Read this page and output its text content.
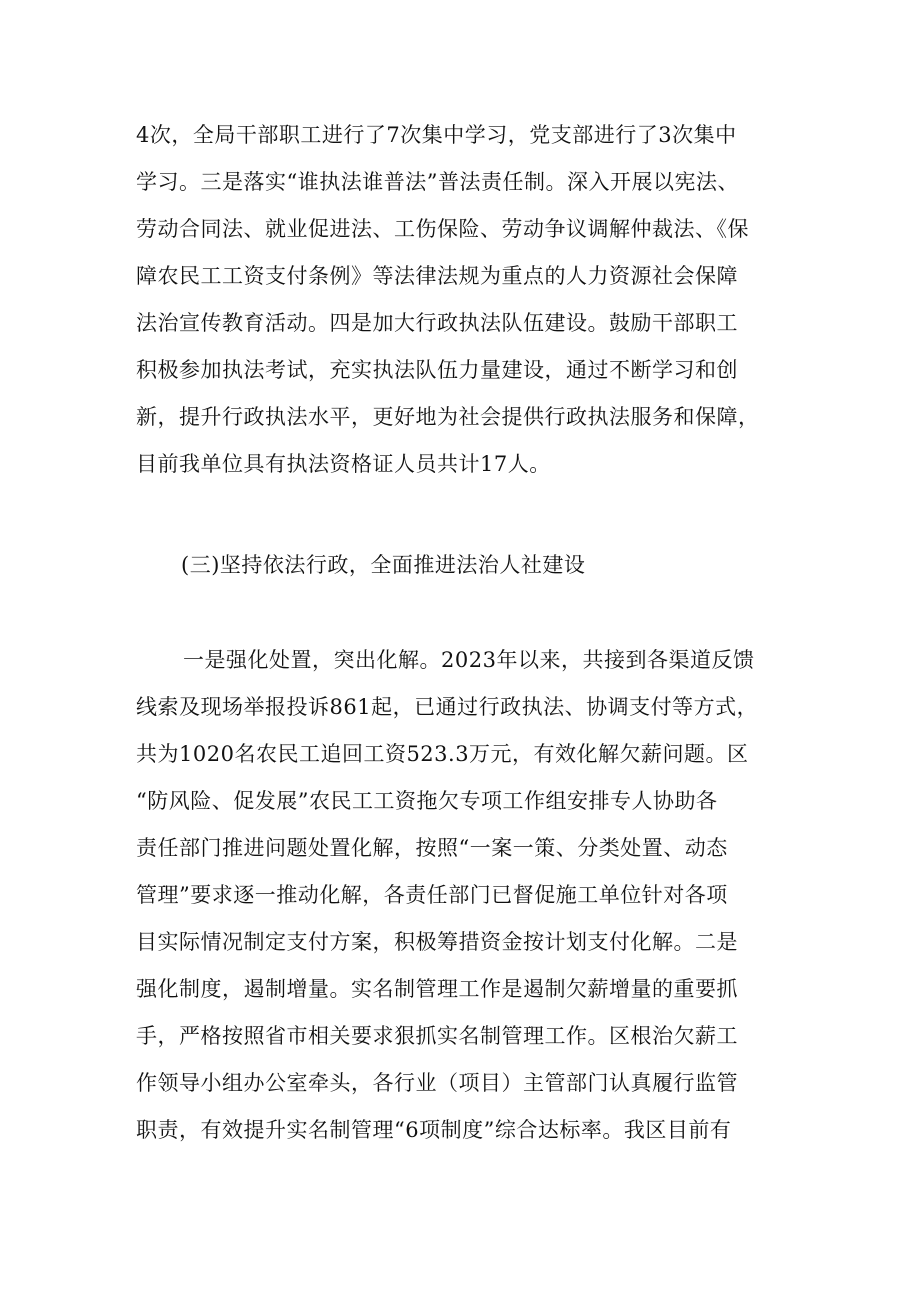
4次，全局干部职工进行了7次集中学习，党支部进行了3次集中
学习。三是落实“谁执法谁普法”普法责任制。深入开展以宪法、
劳动合同法、就业促进法、工伤保险、劳动争议调解仲裁法、《保
障农民工工资支付条例》等法律法规为重点的人力资源社会保障
法治宣传教育活动。四是加大行政执法队伍建设。鼓励干部职工
积极参加执法考试，充实执法队伍力量建设，通过不断学习和创
新，提升行政执法水平，更好地为社会提供行政执法服务和保障，
目前我单位具有执法资格证人员共计17人。
(三)坚持依法行政，全面推进法治人社建设
一是强化处置，突出化解。2023年以来，共接到各渠道反馈
线索及现场举报投诉861起，已通过行政执法、协调支付等方式，
共为1020名农民工追回工资523.3万元，有效化解欠薪问题。区
“防风险、促发展”农民工工资拖欠专项工作组安排专人协助各
责任部门推进问题处置化解，按照“一案一策、分类处置、动态
管理”要求逐一推动化解，各责任部门已督促施工单位针对各项
目实际情况制定支付方案，积极筹措资金按计划支付化解。二是
强化制度，遏制增量。实名制管理工作是遏制欠薪增量的重要抓
手，严格按照省市相关要求狠抓实名制管理工作。区根治欠薪工
作领导小组办公室牵头，各行业（项目）主管部门认真履行监管
职责，有效提升实名制管理“6项制度”综合达标率。我区目前有
